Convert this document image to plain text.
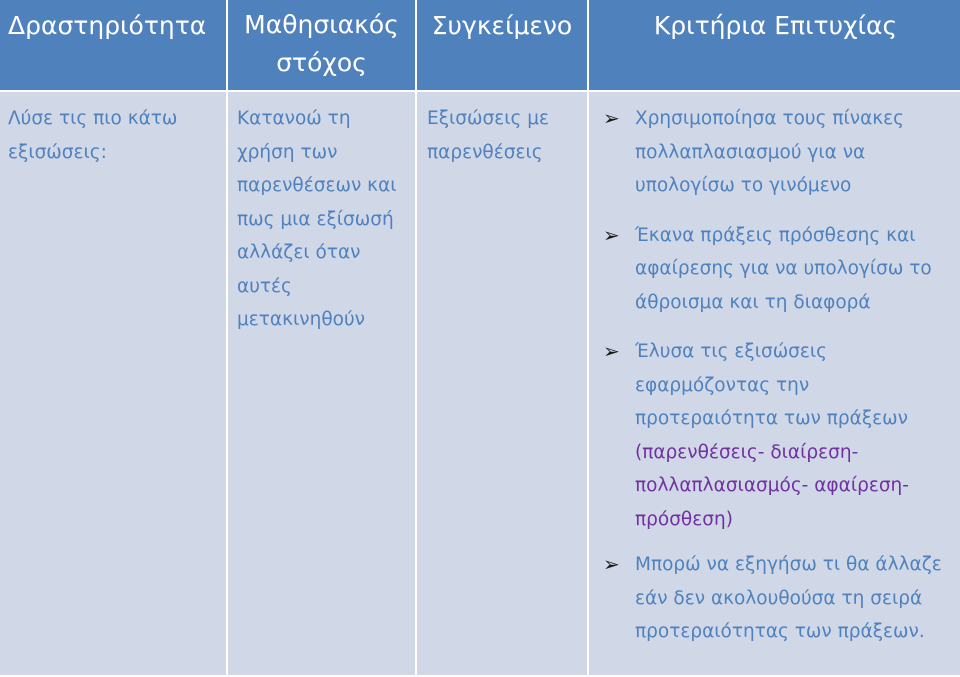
Δραστηριότητα	Μαθησιακός στόχος
Συγκείμενο	Κριτήρια Επιτυχίας
Λύσε τις πιο κάτω εξισώσεις:
Κατανοώ τη χρήση των παρενθέσεων και πως μια εξίσωσή αλλάζει όταν αυτές μετακινηθούν
Εξισώσεις με παρενθέσεις
➢ Χρησιμοποίησα τους πίνακες πολλαπλασιασμού για να υπολογίσω το γινόμενο
➢ Έκανα πράξεις πρόσθεσης και αφαίρεσης για να υπολογίσω το άθροισμα και τη διαφορά
➢ Έλυσα τις εξισώσεις εφαρμόζοντας την προτεραιότητα των πράξεων (παρενθέσεις- διαίρεση- πολλαπλασιασμός- αφαίρεση- πρόσθεση)
➢ Μπορώ να εξηγήσω τι θα άλλαζε εάν δεν ακολουθούσα τη σειρά προτεραιότητας των πράξεων.
